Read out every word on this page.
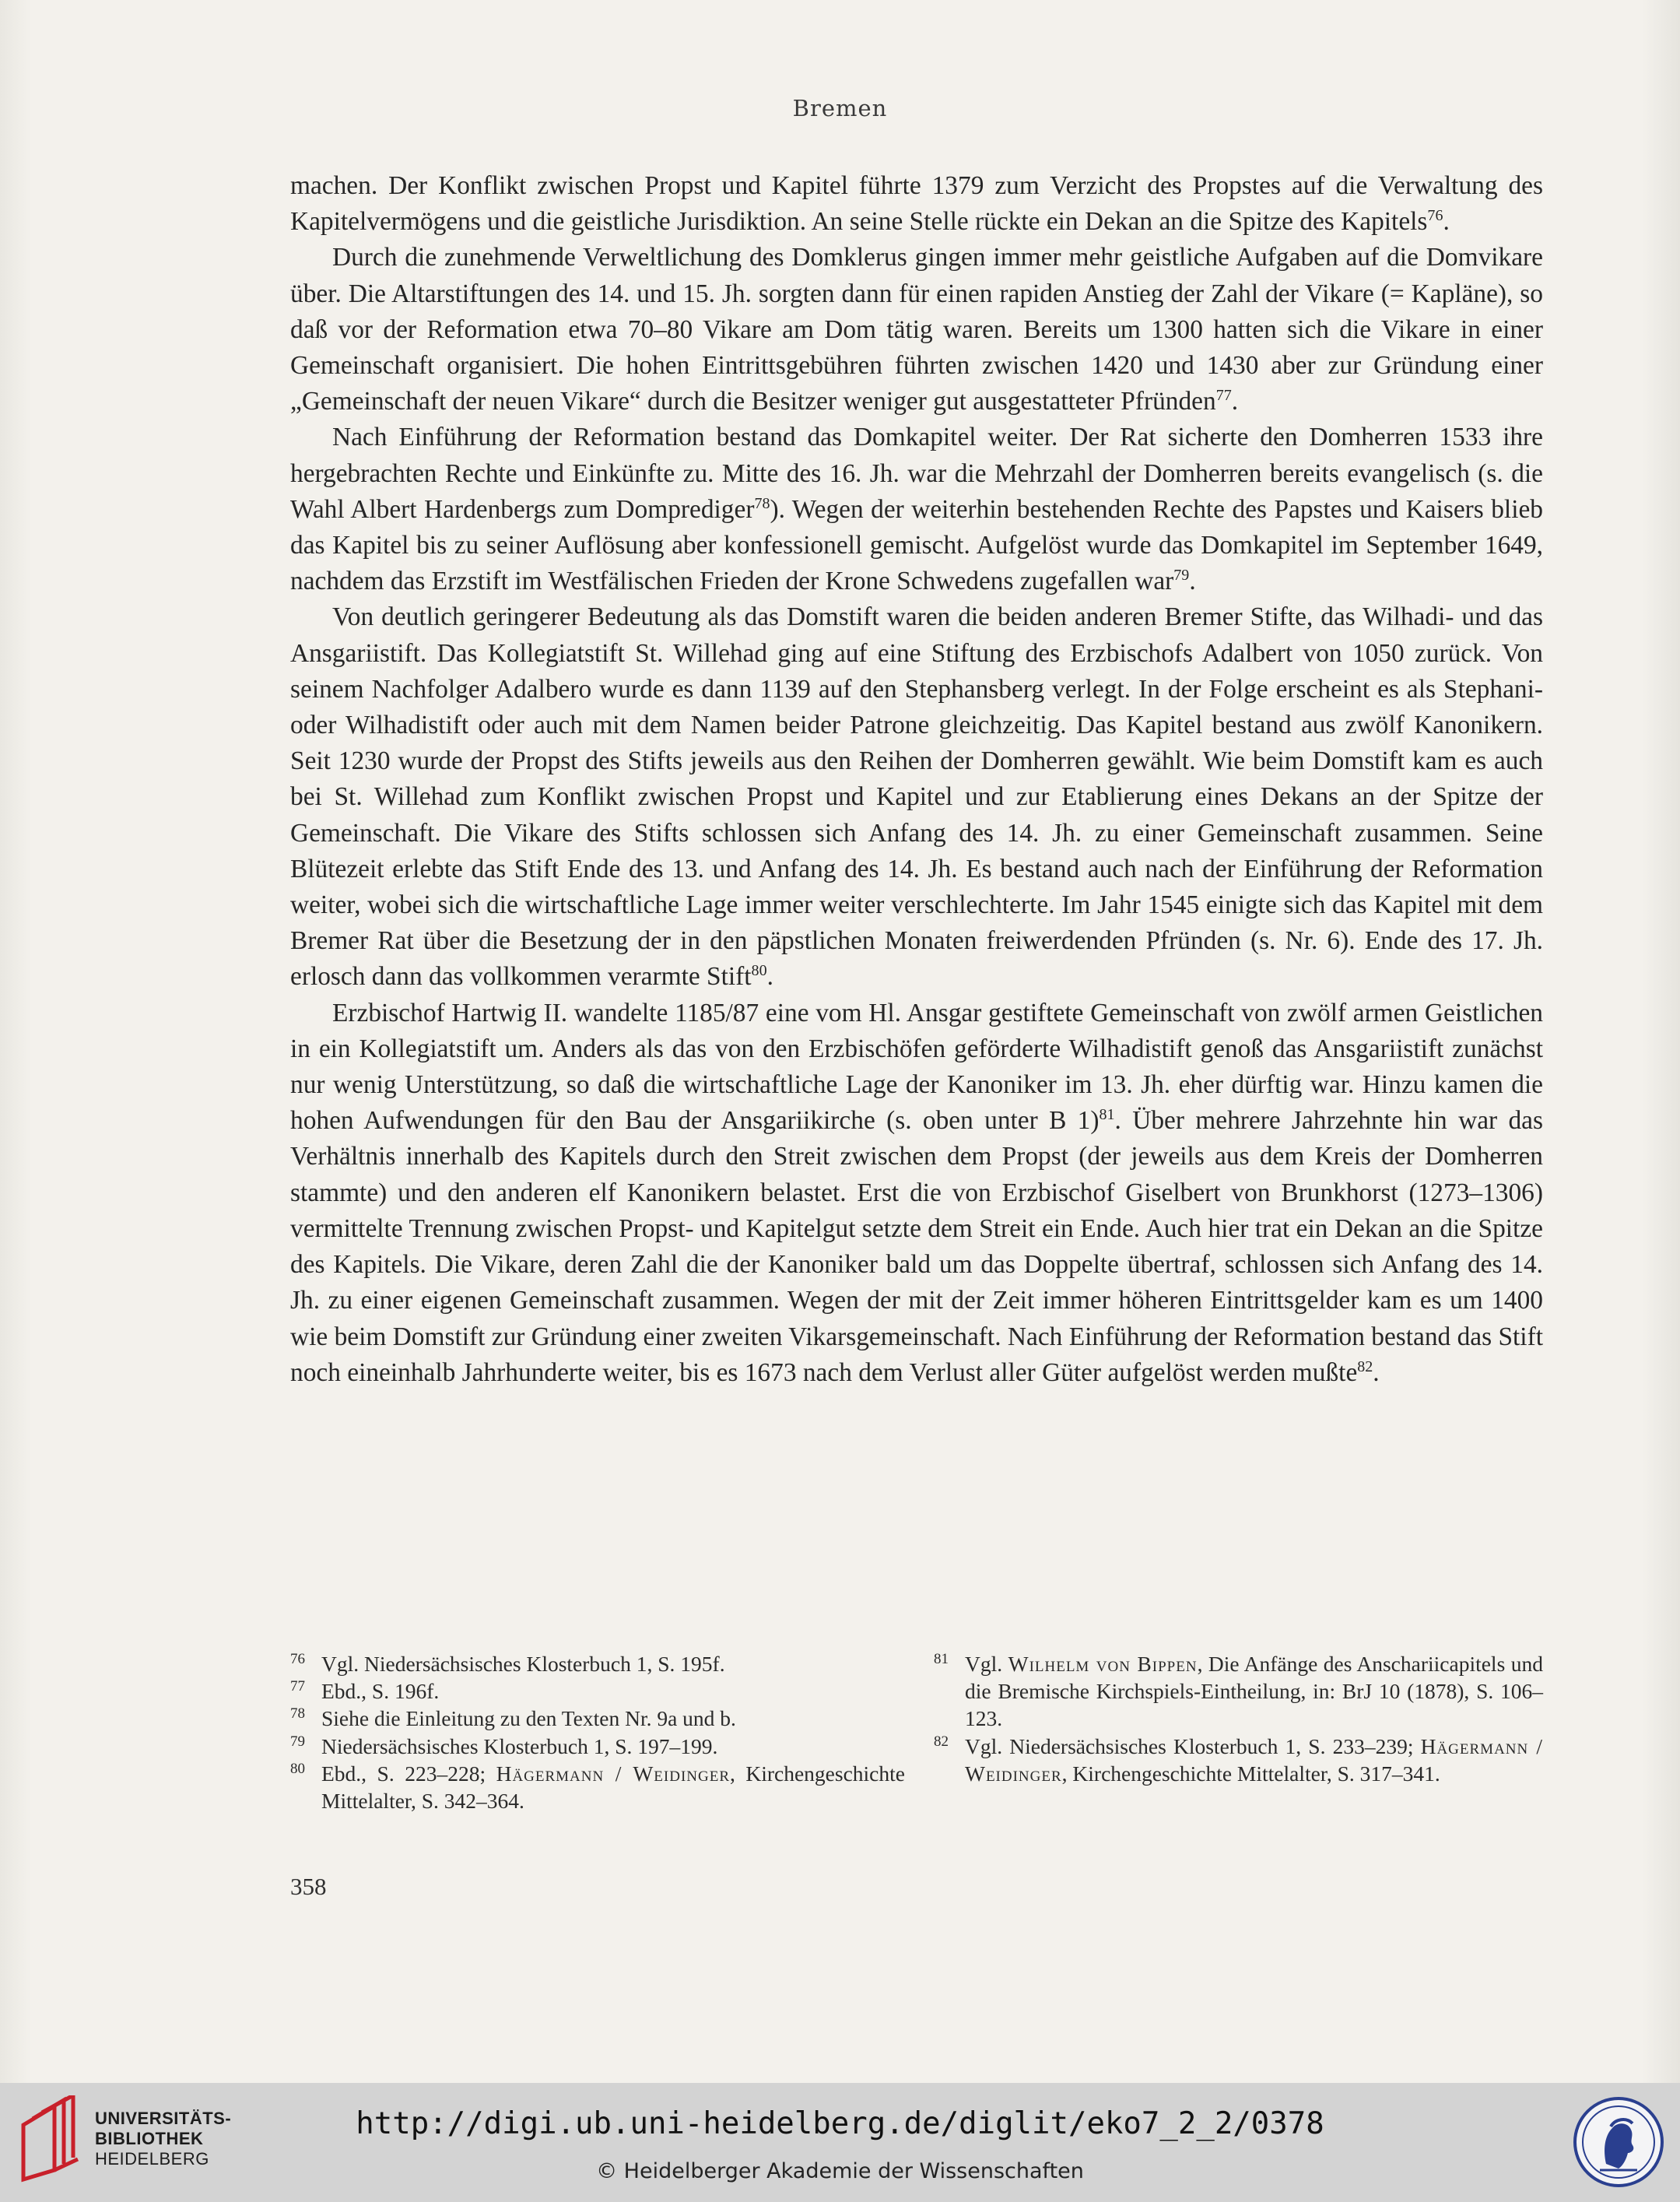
Bremen

machen. Der Konflikt zwischen Propst und Kapitel führte 1379 zum Verzicht des Propstes auf die Verwaltung des Kapitelvermögens und die geistliche Jurisdiktion. An seine Stelle rückte ein Dekan an die Spitze des Kapitels$^{76}$.

Durch die zunehmende Verweltlichung des Domklerus gingen immer mehr geistliche Aufgaben auf die Domvikare über. Die Altarstiftungen des 14. und 15. Jh. sorgten dann für einen rapiden Anstieg der Zahl der Vikare (= Kapläne), so daß vor der Reformation etwa 70–80 Vikare am Dom tätig waren. Bereits um 1300 hatten sich die Vikare in einer Gemeinschaft organisiert. Die hohen Eintrittsgebühren führten zwischen 1420 und 1430 aber zur Gründung einer „Gemeinschaft der neuen Vikare“ durch die Besitzer weniger gut ausgestatteter Pfründen$^{77}$.

Nach Einführung der Reformation bestand das Domkapitel weiter. Der Rat sicherte den Domherren 1533 ihre hergebrachten Rechte und Einkünfte zu. Mitte des 16. Jh. war die Mehrzahl der Domherren bereits evangelisch (s. die Wahl Albert Hardenbergs zum Domprediger$^{78}$). Wegen der weiterhin bestehenden Rechte des Papstes und Kaisers blieb das Kapitel bis zu seiner Auflösung aber konfessionell gemischt. Aufgelöst wurde das Domkapitel im September 1649, nachdem das Erzstift im Westfälischen Frieden der Krone Schwedens zugefallen war$^{79}$.

Von deutlich geringerer Bedeutung als das Domstift waren die beiden anderen Bremer Stifte, das Wilhadi- und das Ansgariistift. Das Kollegiatstift St. Willehad ging auf eine Stiftung des Erzbischofs Adalbert von 1050 zurück. Von seinem Nachfolger Adalbero wurde es dann 1139 auf den Stephansberg verlegt. In der Folge erscheint es als Stephani- oder Wilhadistift oder auch mit dem Namen beider Patrone gleichzeitig. Das Kapitel bestand aus zwölf Kanonikern. Seit 1230 wurde der Propst des Stifts jeweils aus den Reihen der Domherren gewählt. Wie beim Domstift kam es auch bei St. Willehad zum Konflikt zwischen Propst und Kapitel und zur Etablierung eines Dekans an der Spitze der Gemeinschaft. Die Vikare des Stifts schlossen sich Anfang des 14. Jh. zu einer Gemeinschaft zusammen. Seine Blütezeit erlebte das Stift Ende des 13. und Anfang des 14. Jh. Es bestand auch nach der Einführung der Reformation weiter, wobei sich die wirtschaftliche Lage immer weiter verschlechterte. Im Jahr 1545 einigte sich das Kapitel mit dem Bremer Rat über die Besetzung der in den päpstlichen Monaten freiwerdenden Pfründen (s. Nr. 6). Ende des 17. Jh. erlosch dann das vollkommen verarmte Stift$^{80}$.

Erzbischof Hartwig II. wandelte 1185/87 eine vom Hl. Ansgar gestiftete Gemeinschaft von zwölf armen Geistlichen in ein Kollegiatstift um. Anders als das von den Erzbischöfen geförderte Wilhadistift genoß das Ansgariistift zunächst nur wenig Unterstützung, so daß die wirtschaftliche Lage der Kanoniker im 13. Jh. eher dürftig war. Hinzu kamen die hohen Aufwendungen für den Bau der Ansgariikirche (s. oben unter B 1)$^{81}$. Über mehrere Jahrzehnte hin war das Verhältnis innerhalb des Kapitels durch den Streit zwischen dem Propst (der jeweils aus dem Kreis der Domherren stammte) und den anderen elf Kanonikern belastet. Erst die von Erzbischof Giselbert von Brunkhorst (1273–1306) vermittelte Trennung zwischen Propst- und Kapitelgut setzte dem Streit ein Ende. Auch hier trat ein Dekan an die Spitze des Kapitels. Die Vikare, deren Zahl die der Kanoniker bald um das Doppelte übertraf, schlossen sich Anfang des 14. Jh. zu einer eigenen Gemeinschaft zusammen. Wegen der mit der Zeit immer höheren Eintrittsgelder kam es um 1400 wie beim Domstift zur Gründung einer zweiten Vikarsgemeinschaft. Nach Einführung der Reformation bestand das Stift noch eineinhalb Jahrhunderte weiter, bis es 1673 nach dem Verlust aller Güter aufgelöst werden mußte$^{82}$.

76 Vgl. Niedersächsisches Klosterbuch 1, S. 195f.
77 Ebd., S. 196f.
78 Siehe die Einleitung zu den Texten Nr. 9a und b.
79 Niedersächsisches Klosterbuch 1, S. 197–199.
80 Ebd., S. 223–228; Hägermann / Weidinger, Kirchengeschichte Mittelalter, S. 342–364.
81 Vgl. Wilhelm von Bippen, Die Anfänge des Anschariicapitels und die Bremische Kirchspiels-Eintheilung, in: BrJ 10 (1878), S. 106–123.
82 Vgl. Niedersächsisches Klosterbuch 1, S. 233–239; Hägermann / Weidinger, Kirchengeschichte Mittelalter, S. 317–341.
358
UNIVERSITÄTS-
BIBLIOTHEK
HEIDELBERG
http://digi.ub.uni-heidelberg.de/diglit/eko7_2_2/0378
© Heidelberger Akademie der Wissenschaften
